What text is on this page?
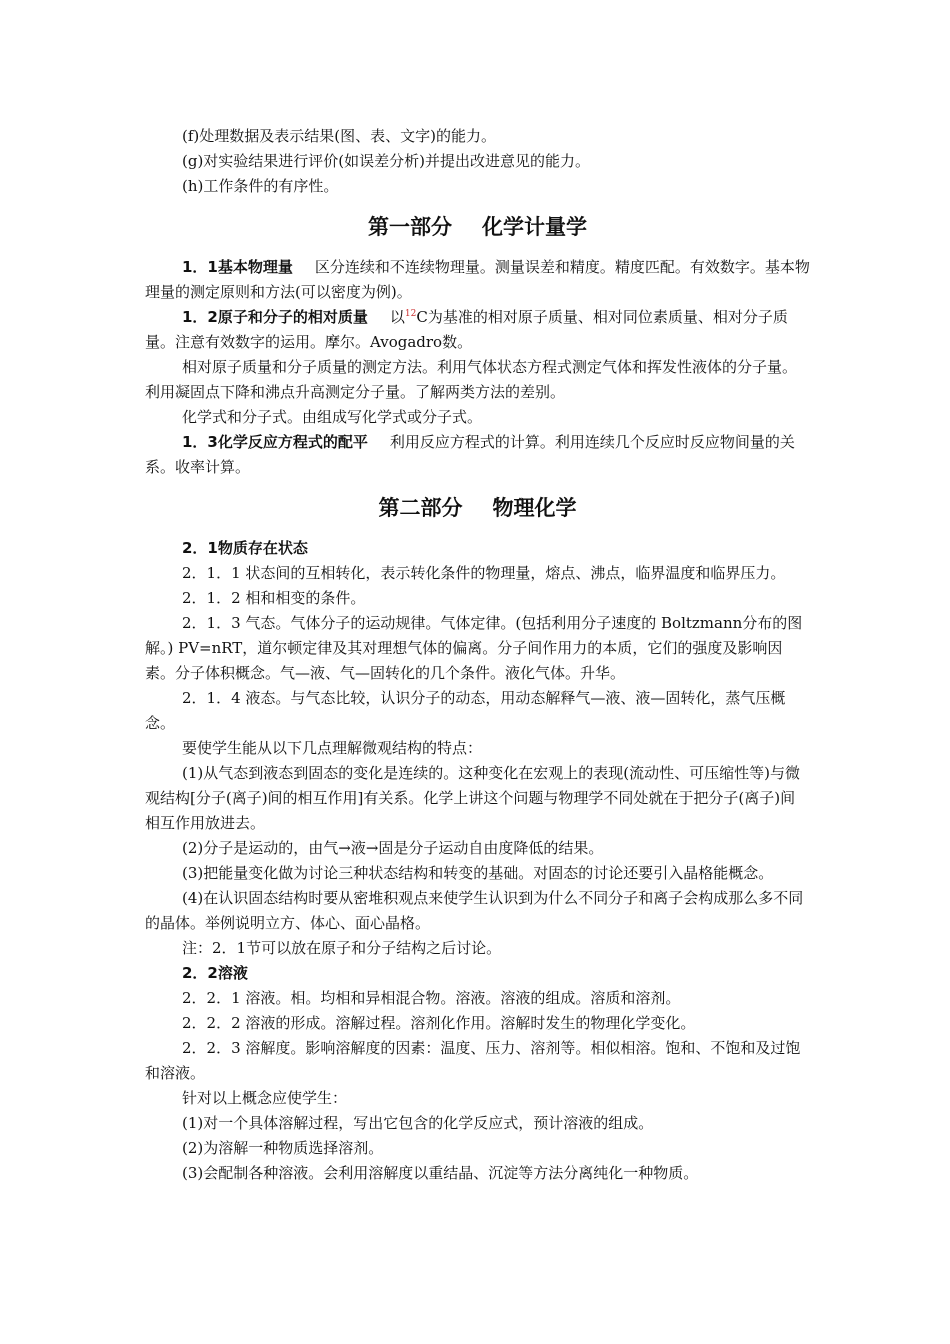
(f)处理数据及表示结果(图、表、文字)的能力。

(g)对实验结果进行评价(如误差分析)并提出改进意见的能力。

(h)工作条件的有序性。

第一部分 化学计量学

1．1基本物理量 区分连续和不连续物理量。测量误差和精度。精度匹配。有效数字。基本物理量的测定原则和方法(可以密度为例)。

1．2原子和分子的相对质量 以$^{12}$C为基准的相对原子质量、相对同位素质量、相对分子质量。注意有效数字的运用。摩尔。Avogadro数。

相对原子质量和分子质量的测定方法。利用气体状态方程式测定气体和挥发性液体的分子量。利用凝固点下降和沸点升高测定分子量。了解两类方法的差别。

化学式和分子式。由组成写化学式或分子式。

1．3化学反应方程式的配平 利用反应方程式的计算。利用连续几个反应时反应物间量的关系。收率计算。

第二部分 物理化学

2．1物质存在状态

2．1．1 状态间的互相转化，表示转化条件的物理量，熔点、沸点，临界温度和临界压力。

2．1．2 相和相变的条件。

2．1．3 气态。气体分子的运动规律。气体定律。(包括利用分子速度的 Boltzmann分布的图解。) PV=nRT，道尔顿定律及其对理想气体的偏离。分子间作用力的本质，它们的强度及影响因素。分子体积概念。气—液、气—固转化的几个条件。液化气体。升华。

2．1．4 液态。与气态比较，认识分子的动态，用动态解释气—液、液—固转化，蒸气压概念。

要使学生能从以下几点理解微观结构的特点：

(1)从气态到液态到固态的变化是连续的。这种变化在宏观上的表现(流动性、可压缩性等)与微观结构[分子(离子)间的相互作用]有关系。化学上讲这个问题与物理学不同处就在于把分子(离子)间相互作用放进去。

(2)分子是运动的，由气→液→固是分子运动自由度降低的结果。

(3)把能量变化做为讨论三种状态结构和转变的基础。对固态的讨论还要引入晶格能概念。

(4)在认识固态结构时要从密堆积观点来使学生认识到为什么不同分子和离子会构成那么多不同的晶体。举例说明立方、体心、面心晶格。

注：2．1节可以放在原子和分子结构之后讨论。

2．2溶液

2．2．1 溶液。相。均相和异相混合物。溶液。溶液的组成。溶质和溶剂。

2．2．2 溶液的形成。溶解过程。溶剂化作用。溶解时发生的物理化学变化。

2．2．3 溶解度。影响溶解度的因素：温度、压力、溶剂等。相似相溶。饱和、不饱和及过饱和溶液。

针对以上概念应使学生：

(1)对一个具体溶解过程，写出它包含的化学反应式，预计溶液的组成。

(2)为溶解一种物质选择溶剂。

(3)会配制各种溶液。会利用溶解度以重结晶、沉淀等方法分离纯化一种物质。
